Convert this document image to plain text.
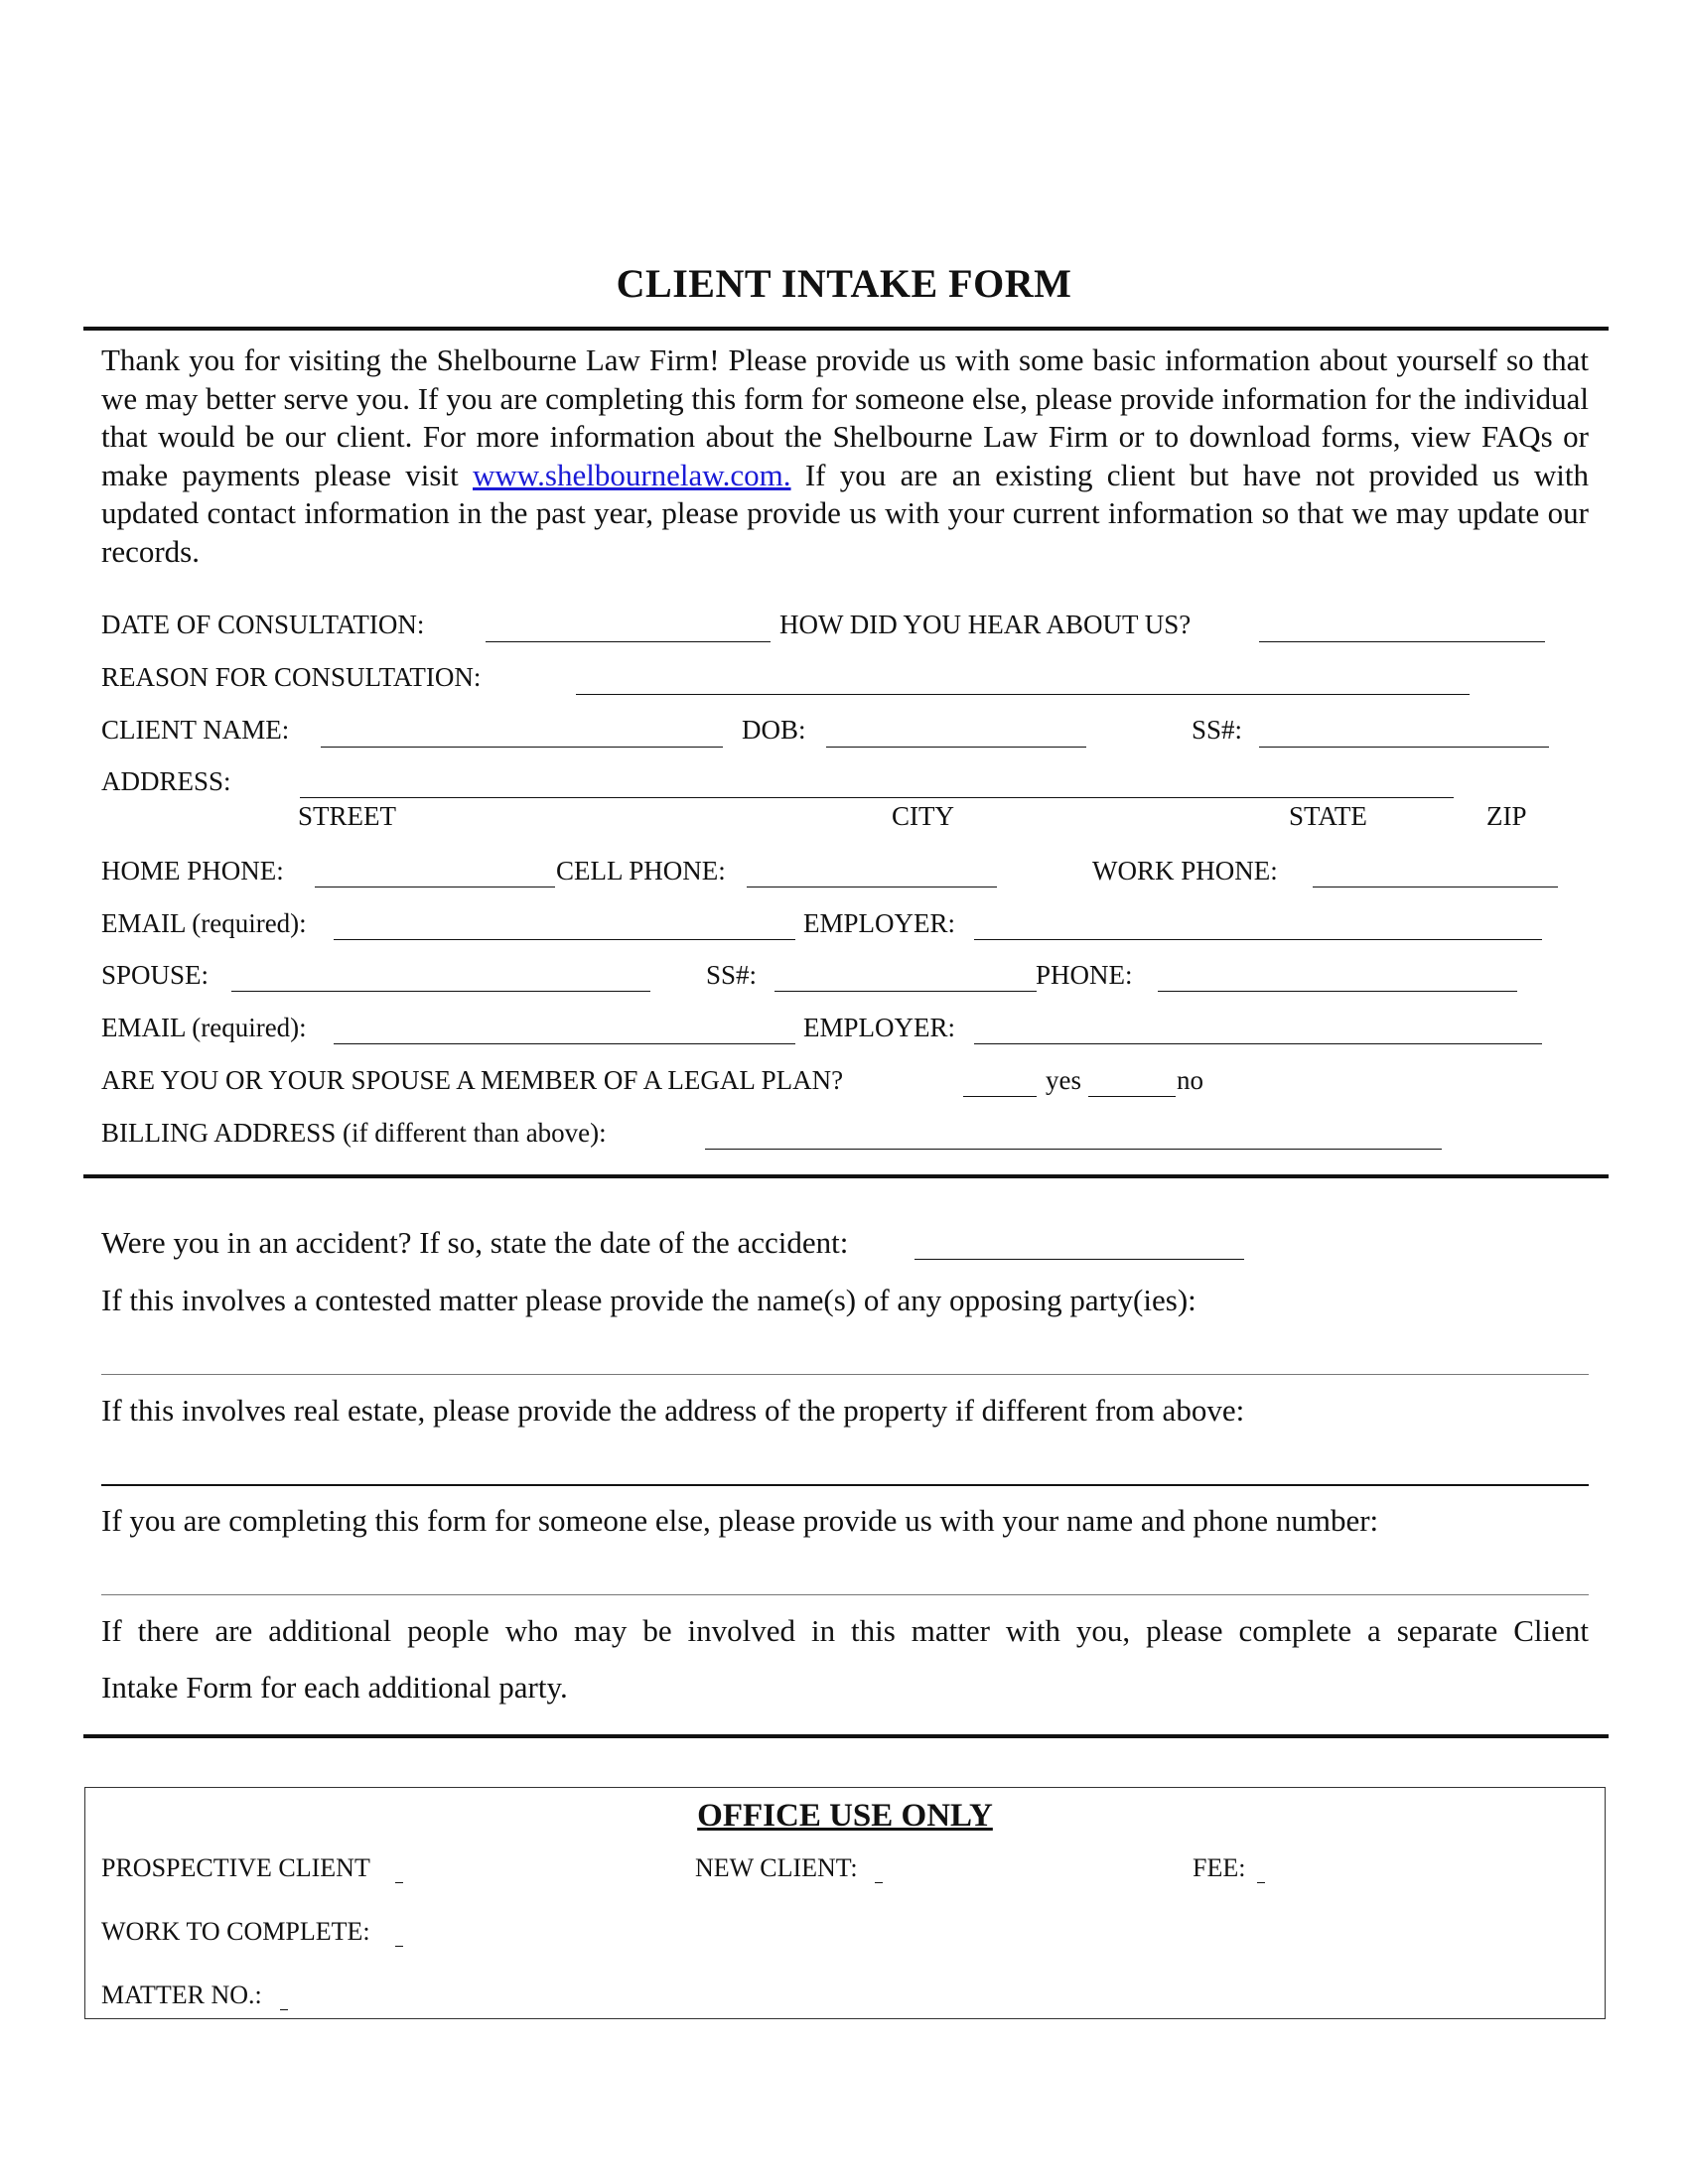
CLIENT INTAKE FORM
Thank you for visiting the Shelbourne Law Firm! Please provide us with some basic information about yourself so that we may better serve you. If you are completing this form for someone else, please provide information for the individual that would be our client. For more information about the Shelbourne Law Firm or to download forms, view FAQs or make payments please visit www.shelbournelaw.com. If you are an existing client but have not provided us with updated contact information in the past year, please provide us with your current information so that we may update our records.
DATE OF CONSULTATION:	HOW DID YOU HEAR ABOUT US?
REASON FOR CONSULTATION:
CLIENT NAME:	DOB:	SS#:
ADDRESS:
STREET	CITY	STATE	ZIP
HOME PHONE:	CELL PHONE:	WORK PHONE:
EMAIL (required):	EMPLOYER:
SPOUSE:	SS#:	PHONE:
EMAIL (required):	EMPLOYER:
ARE YOU OR YOUR SPOUSE A MEMBER OF A LEGAL PLAN?	yes	no
BILLING ADDRESS (if different than above):
Were you in an accident? If so, state the date of the accident:
If this involves a contested matter please provide the name(s) of any opposing party(ies):
If this involves real estate, please provide the address of the property if different from above:
If you are completing this form for someone else, please provide us with your name and phone number:
If there are additional people who may be involved in this matter with you, please complete a separate Client
Intake Form for each additional party.
OFFICE USE ONLY
PROSPECTIVE CLIENT	NEW CLIENT:	FEE:
WORK TO COMPLETE:
MATTER NO.:
